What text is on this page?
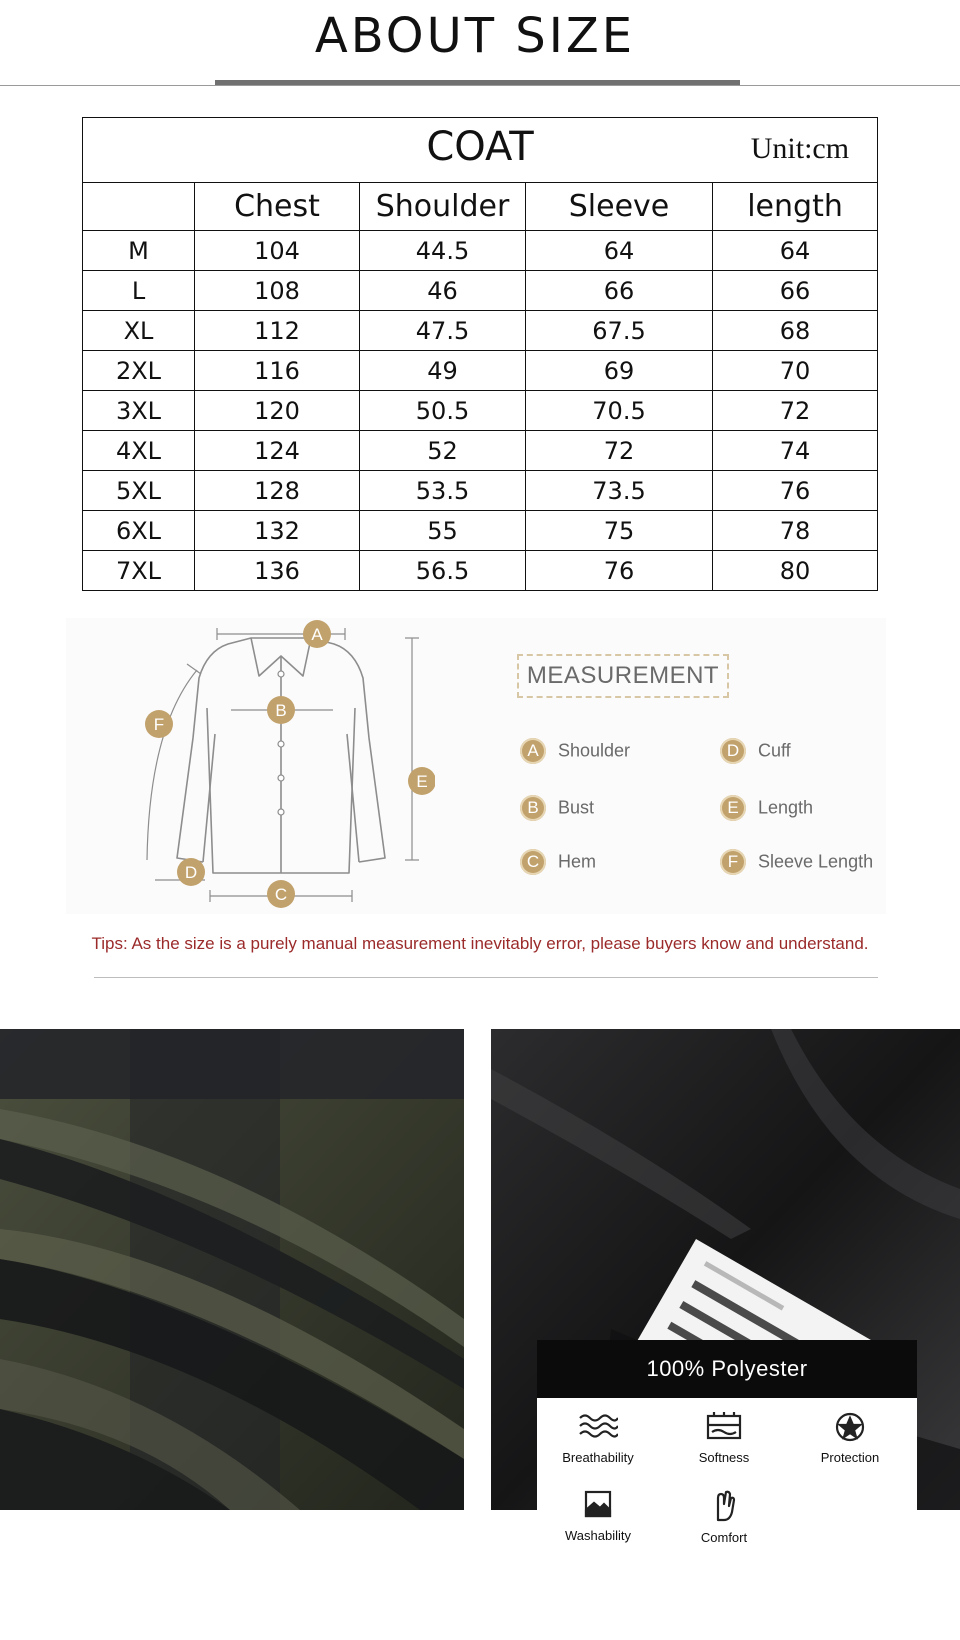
ABOUT SIZE
COAT Unit:cm				

	Chest	Shoulder	Sleeve	length
M	104	44.5	64	64
L	108	46	66	66
XL	112	47.5	67.5	68
2XL	116	49	69	70
3XL	120	50.5	70.5	72
4XL	124	52	72	74
5XL	128	53.5	73.5	76
6XL	132	55	75	78
7XL	136	56.5	76	80
A
B
C
D
E
F
MEASUREMENT
A Shoulder
B Bust
C Hem
D Cuff
E Length
F Sleeve Length
Tips: As the size is a purely manual measurement inevitably error, please buyers know and understand.
100% Polyester
Breathability	Softness	Protection
Washability	Comfort
